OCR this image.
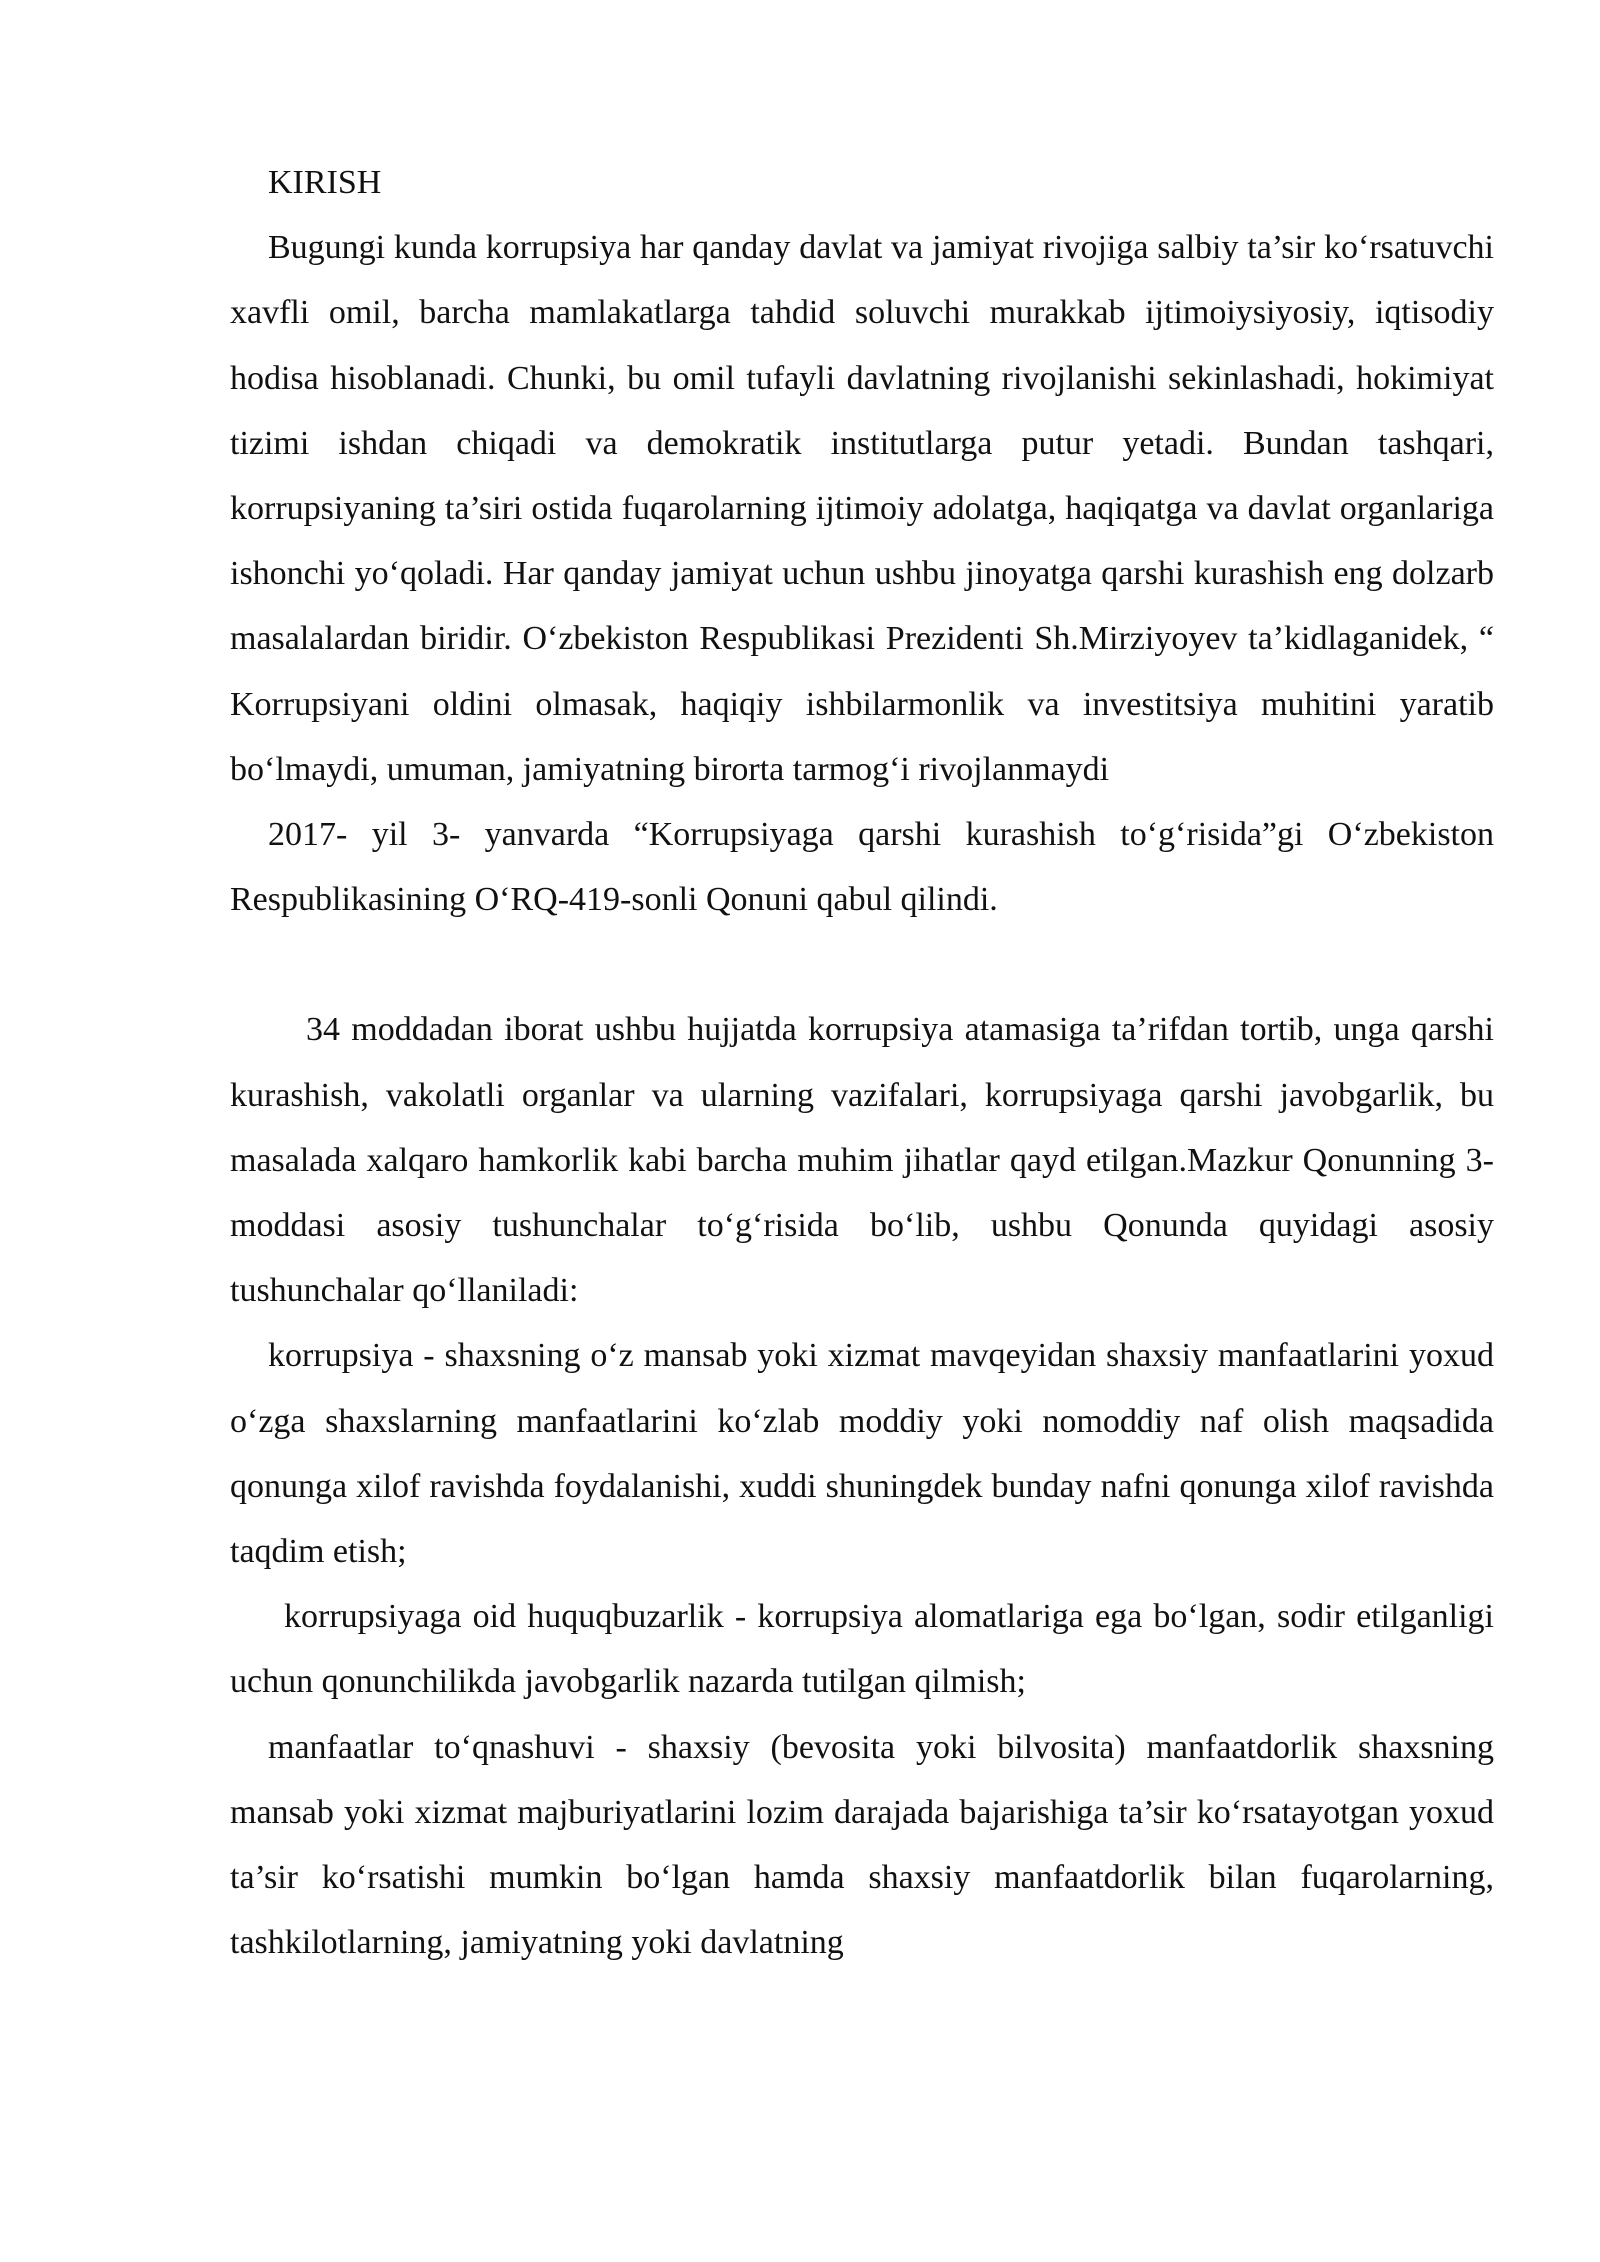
KIRISH

Bugungi kunda korrupsiya har qanday davlat va jamiyat rivojiga salbiy ta’sir ko‘rsatuvchi xavfli omil, barcha mamlakatlarga tahdid soluvchi murakkab ijtimoiysiyosiy, iqtisodiy hodisa hisoblanadi. Chunki, bu omil tufayli davlatning rivojlanishi sekinlashadi, hokimiyat tizimi ishdan chiqadi va demokratik institutlarga putur yetadi. Bundan tashqari, korrupsiyaning ta’siri ostida fuqarolarning ijtimoiy adolatga, haqiqatga va davlat organlariga ishonchi yo‘qoladi. Har qanday jamiyat uchun ushbu jinoyatga qarshi kurashish eng dolzarb masalalardan biridir. O‘zbekiston Respublikasi Prezidenti Sh.Mirziyoyev ta’kidlaganidek, “ Korrupsiyani oldini olmasak, haqiqiy ishbilarmonlik va investitsiya muhitini yaratib bo‘lmaydi, umuman, jamiyatning birorta tarmog‘i rivojlanmaydi

2017- yil 3- yanvarda “Korrupsiyaga qarshi kurashish to‘g‘risida”gi O‘zbekiston Respublikasining O‘RQ-419-sonli Qonuni qabul qilindi.

34 moddadan iborat ushbu hujjatda korrupsiya atamasiga ta’rifdan tortib, unga qarshi kurashish, vakolatli organlar va ularning vazifalari, korrupsiyaga qarshi javobgarlik, bu masalada xalqaro hamkorlik kabi barcha muhim jihatlar qayd etilgan.Mazkur Qonunning 3-moddasi asosiy tushunchalar to‘g‘risida bo‘lib, ushbu Qonunda quyidagi asosiy tushunchalar qo‘llaniladi:

korrupsiya - shaxsning o‘z mansab yoki xizmat mavqeyidan shaxsiy manfaatlarini yoxud o‘zga shaxslarning manfaatlarini ko‘zlab moddiy yoki nomoddiy naf olish maqsadida qonunga xilof ravishda foydalanishi, xuddi shuningdek bunday nafni qonunga xilof ravishda taqdim etish;

korrupsiyaga oid huquqbuzarlik - korrupsiya alomatlariga ega bo‘lgan, sodir etilganligi uchun qonunchilikda javobgarlik nazarda tutilgan qilmish;

manfaatlar to‘qnashuvi - shaxsiy (bevosita yoki bilvosita) manfaatdorlik shaxsning mansab yoki xizmat majburiyatlarini lozim darajada bajarishiga ta’sir ko‘rsatayotgan yoxud ta’sir ko‘rsatishi mumkin bo‘lgan hamda shaxsiy manfaatdorlik bilan fuqarolarning, tashkilotlarning, jamiyatning yoki davlatning
